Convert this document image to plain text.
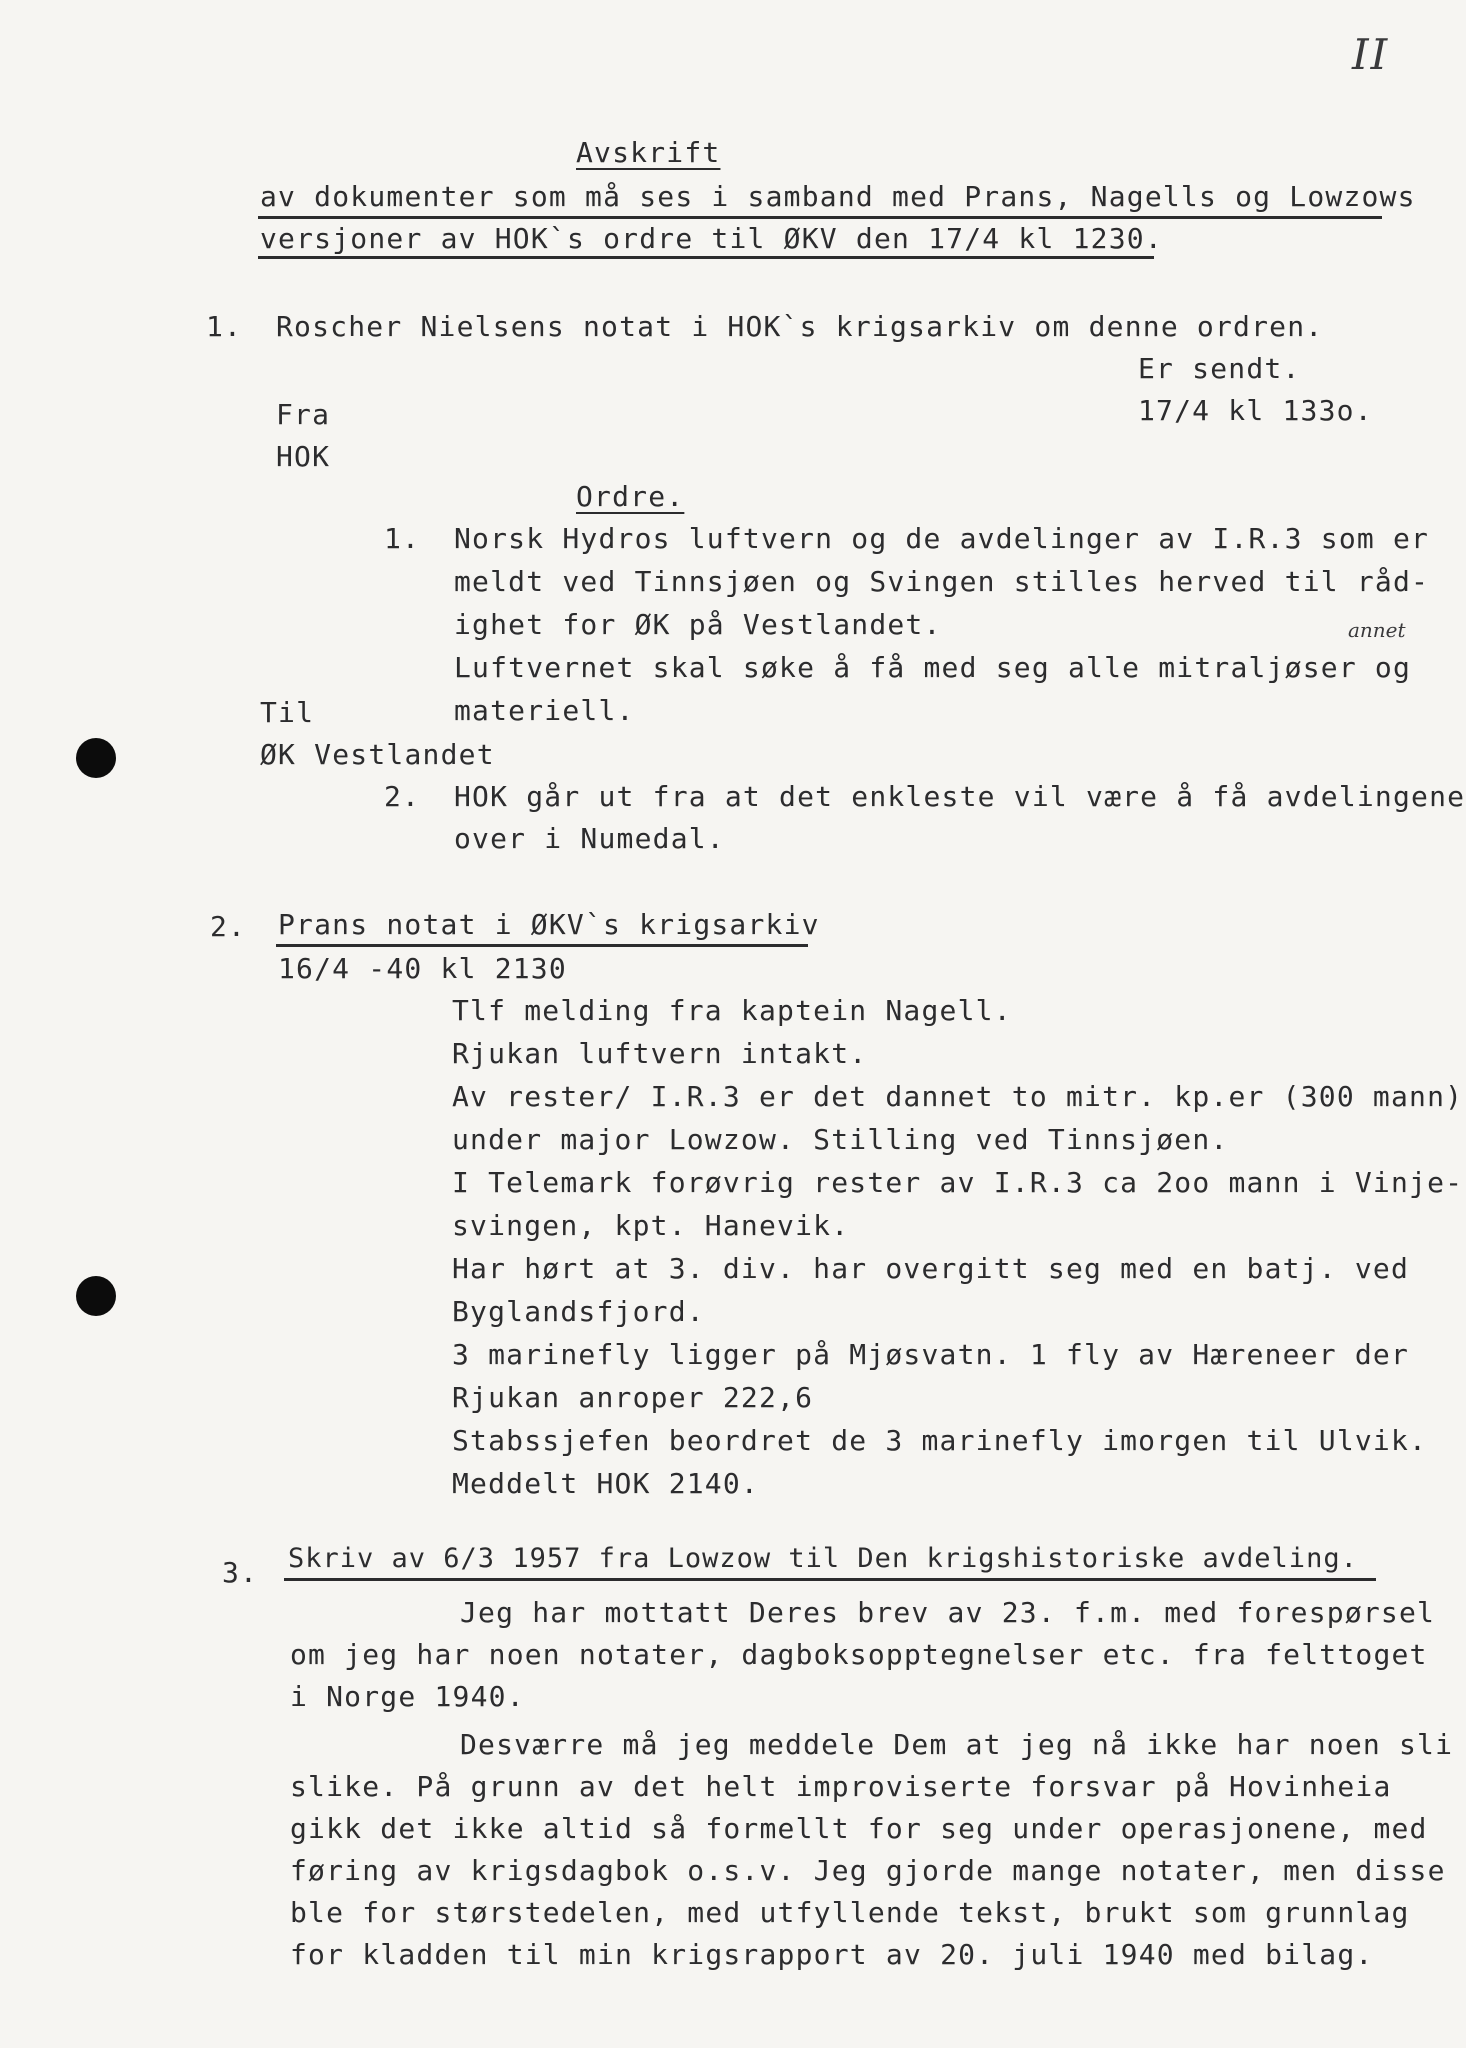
II
Avskrift
av dokumenter som må ses i samband med Prans, Nagells og Lowzows
versjoner av HOK`s ordre til ØKV den 17/4 kl 1230.
1. Roscher Nielsens notat i HOK`s krigsarkiv om denne ordren.
Er sendt.
17/4 kl 133o.
Fra
HOK
Ordre.
1. Norsk Hydros luftvern og de avdelinger av I.R.3 som er
meldt ved Tinnsjøen og Svingen stilles herved til råd-
ighet for ØK på Vestlandet.
Luftvernet skal søke å få med seg alle mitraljøser og
materiell.
annet
Til
ØK Vestlandet
2. HOK går ut fra at det enkleste vil være å få avdelingene
over i Numedal.
2. Prans notat i ØKV`s krigsarkiv
16/4 -40 kl 2130
Tlf melding fra kaptein Nagell.
Rjukan luftvern intakt.
Av rester/ I.R.3 er det dannet to mitr. kp.er (300 mann)
under major Lowzow. Stilling ved Tinnsjøen.
I Telemark forøvrig rester av I.R.3 ca 2oo mann i Vinje-
svingen, kpt. Hanevik.
Har hørt at 3. div. har overgitt seg med en batj. ved
Byglandsfjord.
3 marinefly ligger på Mjøsvatn. 1 fly av Hæreneer der
Rjukan anroper 222,6
Stabssjefen beordret de 3 marinefly imorgen til Ulvik.
Meddelt HOK 2140.
3. Skriv av 6/3 1957 fra Lowzow til Den krigshistoriske avdeling.
Jeg har mottatt Deres brev av 23. f.m. med forespørsel
om jeg har noen notater, dagboksopptegnelser etc. fra felttoget
i Norge 1940.
Desværre må jeg meddele Dem at jeg nå ikke har noen sli
slike. På grunn av det helt improviserte forsvar på Hovinheia
gikk det ikke altid så formellt for seg under operasjonene, med
føring av krigsdagbok o.s.v. Jeg gjorde mange notater, men disse
ble for størstedelen, med utfyllende tekst, brukt som grunnlag
for kladden til min krigsrapport av 20. juli 1940 med bilag.
